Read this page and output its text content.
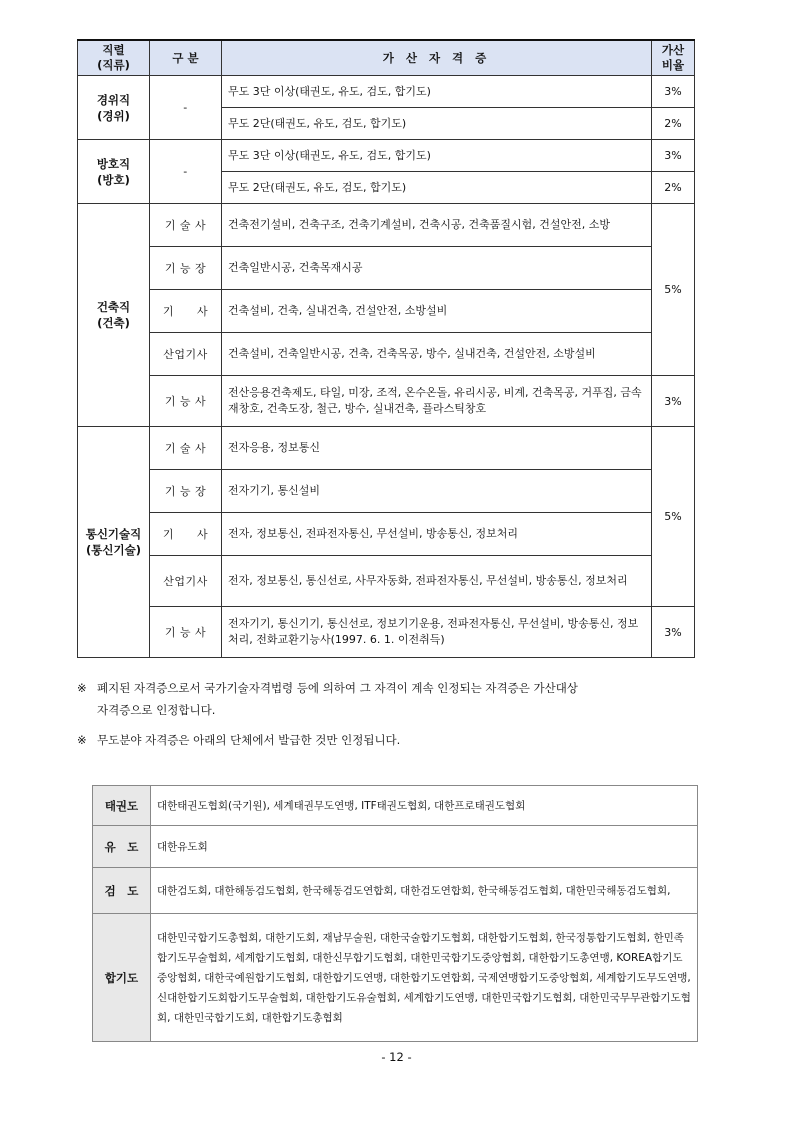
직렬
(직류)	구 분	가 산 자 격 증	가산
비율
경위직
(경위)	-	무도 3단 이상(태권도, 유도, 검도, 합기도)	3%
		무도 2단(태권도, 유도, 검도, 합기도)	2%
방호직
(방호)	-	무도 3단 이상(태권도, 유도, 검도, 합기도)	3%
		무도 2단(태권도, 유도, 검도, 합기도)	2%
건축직
(건축)	기 술 사	건축전기설비, 건축구조, 건축기계설비, 건축시공, 건축품질시험, 건설안전, 소방	5%
	기 능 장	건축일반시공, 건축목재시공	
	기　　사	건축설비, 건축, 실내건축, 건설안전, 소방설비	
	산업기사	건축설비, 건축일반시공, 건축, 건축목공, 방수, 실내건축, 건설안전, 소방설비	
	기 능 사	전산응용건축제도, 타일, 미장, 조적, 온수온돌, 유리시공, 비계, 건축목공, 거푸집, 금속재창호, 건축도장, 철근, 방수, 실내건축, 플라스틱창호	3%
통신기술직
(통신기술)	기 술 사	전자응용, 정보통신	5%
	기 능 장	전자기기, 통신설비	
	기　　사	전자, 정보통신, 전파전자통신, 무선설비, 방송통신, 정보처리	
	산업기사	전자, 정보통신, 통신선로, 사무자동화, 전파전자통신, 무선설비, 방송통신, 정보처리	
	기 능 사	전자기기, 통신기기, 통신선로, 정보기기운용, 전파전자통신, 무선설비, 방송통신, 정보처리, 전화교환기능사(1997. 6. 1. 이전취득)	3%
※ 폐지된 자격증으로서 국가기술자격법령 등에 의하여 그 자격이 계속 인정되는 자격증은 가산대상
자격증으로 인정합니다.
※ 무도분야 자격증은 아래의 단체에서 발급한 것만 인정됩니다.
태권도	대한태권도협회(국기원), 세계태권무도연맹, ITF태권도협회, 대한프로태권도협회
유　도	대한유도회
검　도	대한검도회, 대한해동검도협회, 한국해동검도연합회, 대한검도연합회, 한국해동검도협회, 대한민국해동검도협회,
합기도	대한민국합기도총협회, 대한기도회, 재남무술원, 대한국술합기도협회, 대한합기도협회, 한국정통합기도협회, 한민족합기도무술협회, 세계합기도협회, 대한신무합기도협회, 대한민국합기도중앙협회, 대한합기도총연맹, KOREA합기도중앙협회, 대한국예원합기도협회, 대한합기도연맹, 대한합기도연합회, 국제연맹합기도중앙협회, 세계합기도무도연맹, 신대한합기도회합기도무술협회, 대한합기도유술협회, 세계합기도연맹, 대한민국합기도협회, 대한민국무무관합기도협회, 대한민국합기도회, 대한합기도총협회
- 12 -
